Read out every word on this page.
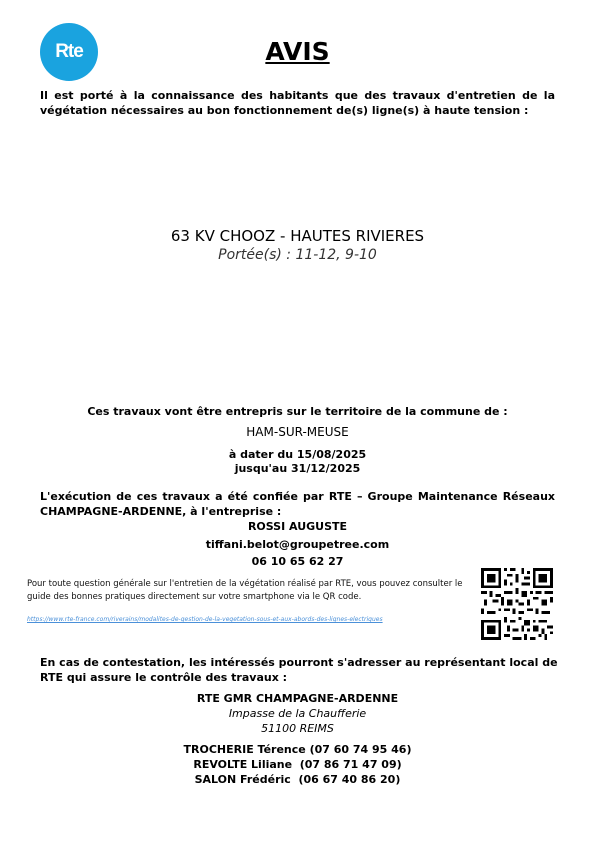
Rte	AVIS
Il est porté à la connaissance des habitants que des travaux d'entretien de la végétation nécessaires au bon fonctionnement de(s) ligne(s) à haute tension :
63 KV CHOOZ - HAUTES RIVIERES
Portée(s) : 11-12, 9-10
Ces travaux vont être entrepris sur le territoire de la commune de :
HAM-SUR-MEUSE
à dater du 15/08/2025
jusqu'au 31/12/2025
L'exécution de ces travaux a été confiée par RTE – Groupe Maintenance Réseaux CHAMPAGNE-ARDENNE, à l'entreprise :
ROSSI AUGUSTE
tiffani.belot@groupetree.com
06 10 65 62 27
Pour toute question générale sur l'entretien de la végétation réalisé par RTE, vous pouvez consulter le guide des bonnes pratiques directement sur votre smartphone via le QR code.
https://www.rte-france.com/riverains/modalites-de-gestion-de-la-vegetation-sous-et-aux-abords-des-lignes-electriques
En cas de contestation, les intéressés pourront s'adresser au représentant local de RTE qui assure le contrôle des travaux :
RTE GMR CHAMPAGNE-ARDENNE
Impasse de la Chaufferie
51100 REIMS
TROCHERIE Térence (07 60 74 95 46)
REVOLTE Liliane  (07 86 71 47 09)
SALON Frédéric  (06 67 40 86 20)
